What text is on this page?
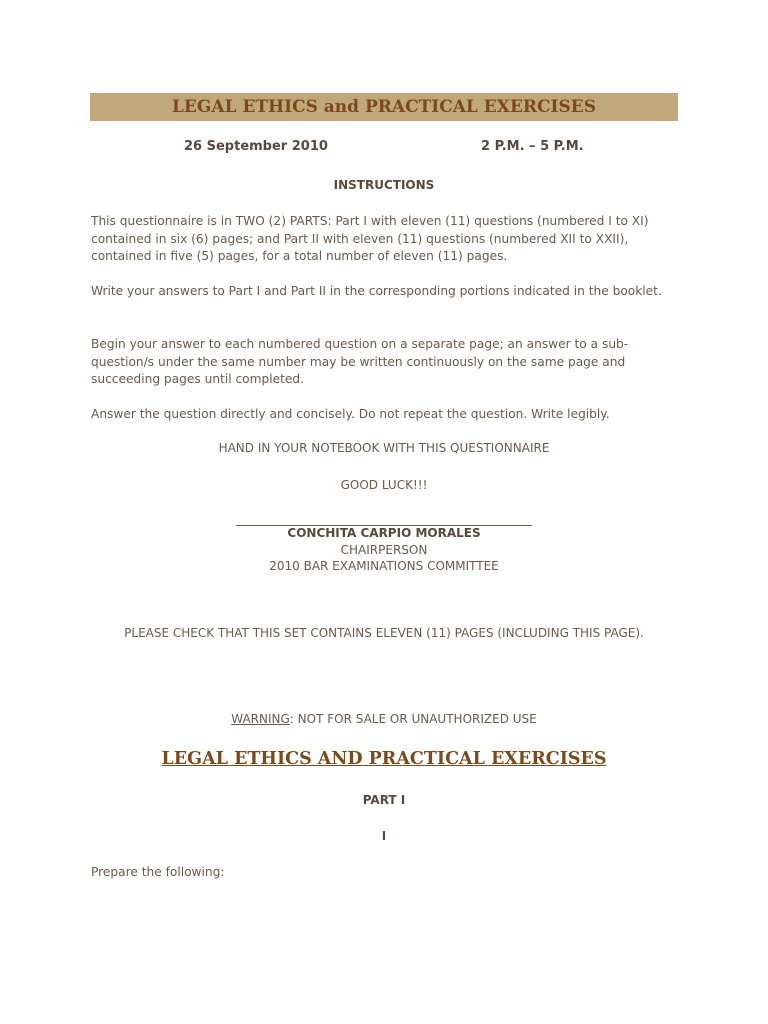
LEGAL ETHICS and PRACTICAL EXERCISES
26 September 2010	2 P.M. – 5 P.M.
INSTRUCTIONS
This questionnaire is in TWO (2) PARTS: Part I with eleven (11) questions (numbered I to XI) contained in six (6) pages; and Part II with eleven (11) questions (numbered XII to XXII), contained in five (5) pages, for a total number of eleven (11) pages.
Write your answers to Part I and Part II in the corresponding portions indicated in the booklet.
Begin your answer to each numbered question on a separate page; an answer to a sub-question/s under the same number may be written continuously on the same page and succeeding pages until completed.
Answer the question directly and concisely. Do not repeat the question. Write legibly.
HAND IN YOUR NOTEBOOK WITH THIS QUESTIONNAIRE
GOOD LUCK!!!
CONCHITA CARPIO MORALES
CHAIRPERSON
2010 BAR EXAMINATIONS COMMITTEE
PLEASE CHECK THAT THIS SET CONTAINS ELEVEN (11) PAGES (INCLUDING THIS PAGE).
WARNING: NOT FOR SALE OR UNAUTHORIZED USE
LEGAL ETHICS AND PRACTICAL EXERCISES
PART I
I
Prepare the following:
